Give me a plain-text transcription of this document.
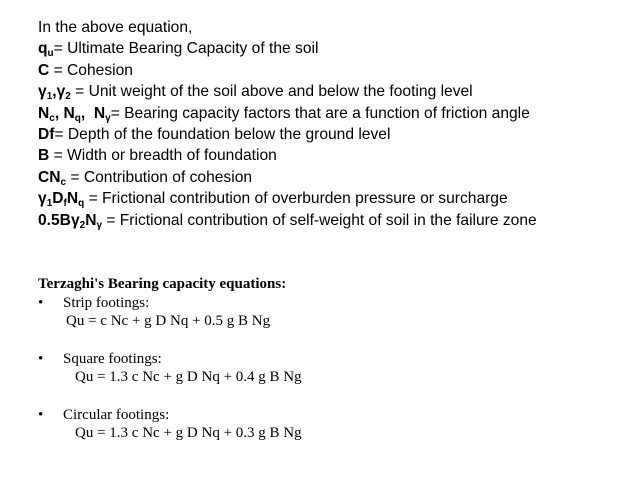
In the above equation,
$q_u=$ Ultimate Bearing Capacity of the soil
C = Cohesion
$\gamma_1,\gamma_2$ = Unit weight of the soil above and below the footing level
$N_c$, $N_q$,  $N_\gamma=$ Bearing capacity factors that are a function of friction angle
Df= Depth of the foundation below the ground level
B = Width or breadth of foundation
$CN_c$ = Contribution of cohesion
$\gamma_1D_fN_q$ = Frictional contribution of overburden pressure or surcharge
$0.5B\gamma_2N_\gamma$ = Frictional contribution of self-weight of soil in the failure zone
Terzaghi's Bearing capacity equations:
• Strip footings:
Qu = c Nc + g D Nq + 0.5 g B Ng
• Square footings:
Qu = 1.3 c Nc + g D Nq + 0.4 g B Ng
• Circular footings:
Qu = 1.3 c Nc + g D Nq + 0.3 g B Ng
